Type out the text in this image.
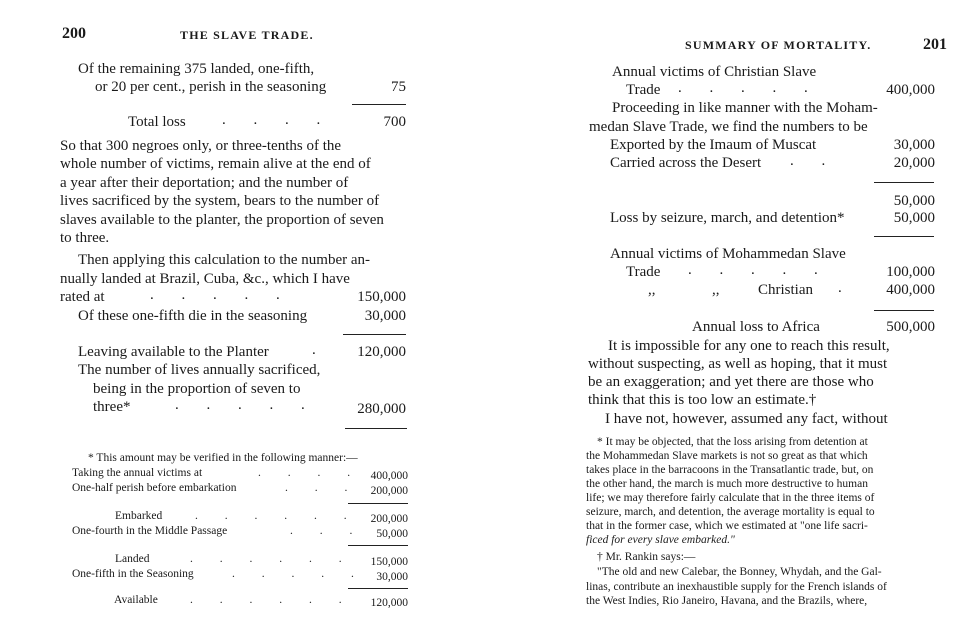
200	THE SLAVE TRADE.
Of the remaining 375 landed, one-fifth,
or 20 per cent., perish in the seasoning	75
Total loss . . . .	700
So that 300 negroes only, or three-tenths of the
whole number of victims, remain alive at the end of
a year after their deportation; and the number of
lives sacrificed by the system, bears to the number of
slaves available to the planter, the proportion of seven
to three.
Then applying this calculation to the number an-
nually landed at Brazil, Cuba, &c., which I have
rated at	. . . . .	150,000
Of these one-fifth die in the seasoning	30,000
Leaving available to the Planter	.	120,000
The number of lives annually sacrificed,
being in the proportion of seven to
three*	. . . . .	280,000
* This amount may be verified in the following manner:—
Taking the annual victims at	. . . . 400,000
One-half perish before embarkation	. . . 200,000
Embarked	. . . . . .	200,000
One-fourth in the Middle Passage	. . .	50,000
Landed	. . . . . .	150,000
One-fifth in the Seasoning	. . . . . 30,000
Available	. . . . . .	120,000
SUMMARY OF MORTALITY.	201
Annual victims of Christian Slave
Trade . . . . .	400,000
Proceeding in like manner with the Moham-
medan Slave Trade, we find the numbers to be
Exported by the Imaum of Muscat	30,000
Carried across the Desert . .	20,000
50,000
Loss by seizure, march, and detention*	50,000
Annual victims of Mohammedan Slave
Trade . . . . .	100,000
,,	,,	Christian .	400,000
Annual loss to Africa	500,000
It is impossible for any one to reach this result,
without suspecting, as well as hoping, that it must
be an exaggeration; and yet there are those who
think that this is too low an estimate.†
I have not, however, assumed any fact, without
* It may be objected, that the loss arising from detention at
the Mohammedan Slave markets is not so great as that which
takes place in the barracoons in the Transatlantic trade, but, on
the other hand, the march is much more destructive to human
life; we may therefore fairly calculate that in the three items of
seizure, march, and detention, the average mortality is equal to
that in the former case, which we estimated at "one life sacri-
ficed for every slave embarked."
† Mr. Rankin says:—
"The old and new Calebar, the Bonney, Whydah, and the Gal-
linas, contribute an inexhaustible supply for the French islands of
the West Indies, Rio Janeiro, Havana, and the Brazils, where,
